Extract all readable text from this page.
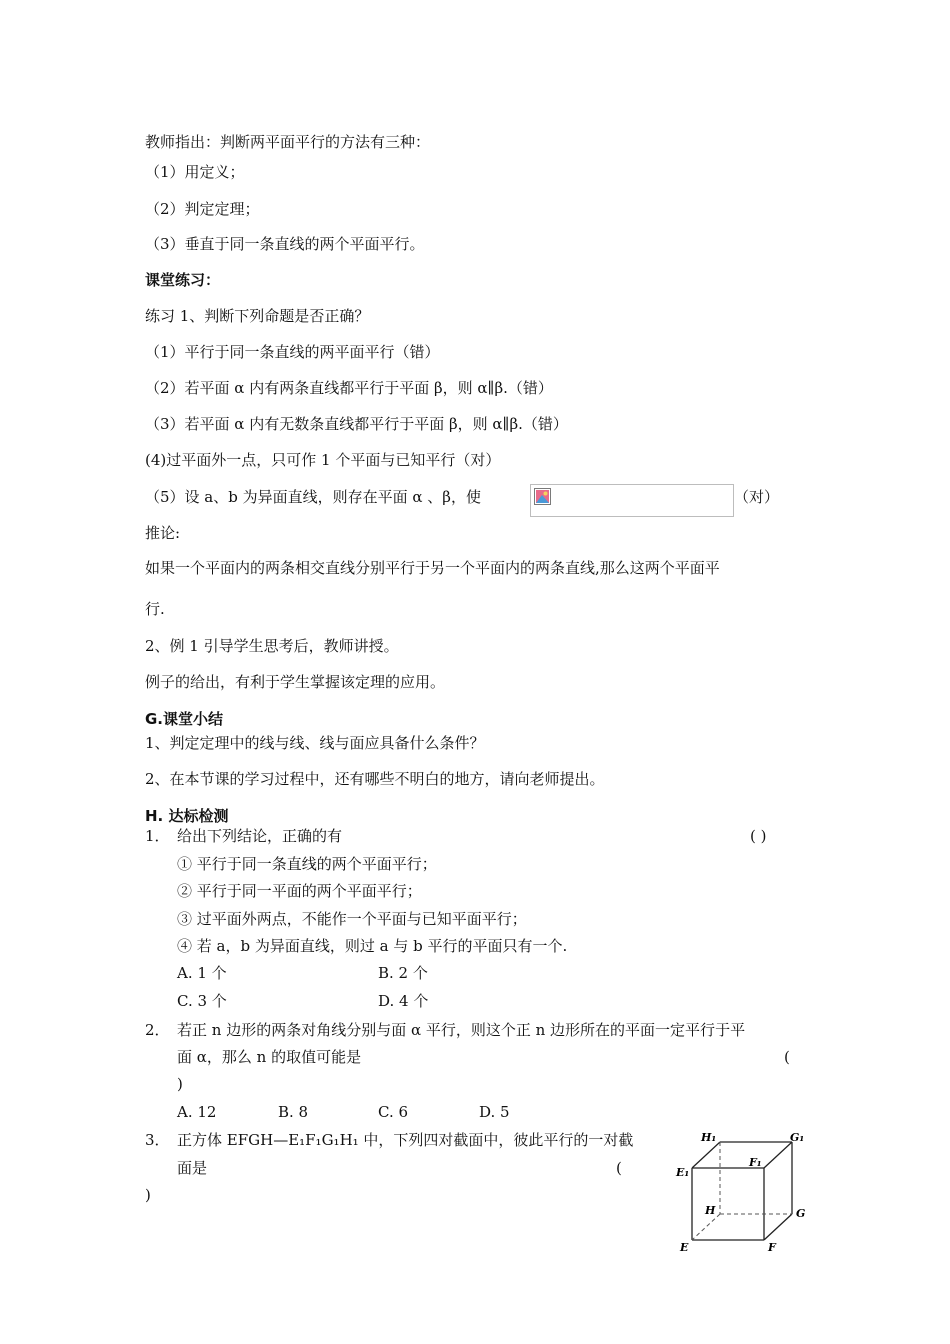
教师指出：判断两平面平行的方法有三种：
（1）用定义；
（2）判定定理；
（3）垂直于同一条直线的两个平面平行。
课堂练习：
练习 1、判断下列命题是否正确？
（1）平行于同一条直线的两平面平行（错）
（2）若平面 α 内有两条直线都平行于平面 β，则 α∥β.（错）
（3）若平面 α 内有无数条直线都平行于平面 β，则 α∥β.（错）
(4)过平面外一点，只可作 1 个平面与已知平行（对）
（5）设 a、b 为异面直线，则存在平面 α 、β，使	（对）
推论:
如果一个平面内的两条相交直线分别平行于另一个平面内的两条直线,那么这两个平面平
行.
2、例 1 引导学生思考后，教师讲授。
例子的给出，有利于学生掌握该定理的应用。
G.课堂小结
1、判定定理中的线与线、线与面应具备什么条件？
2、在本节课的学习过程中，还有哪些不明白的地方，请向老师提出。
H. 达标检测
1． 给出下列结论，正确的有	( )
① 平行于同一条直线的两个平面平行；
② 平行于同一平面的两个平面平行；
③ 过平面外两点，不能作一个平面与已知平面平行；
④ 若 a，b 为异面直线，则过 a 与 b 平行的平面只有一个.
A. 1 个	B. 2 个
C. 3 个	D. 4 个
2． 若正 n 边形的两条对角线分别与面 α 平行，则这个正 n 边形所在的平面一定平行于平
面 α，那么 n 的取值可能是	(
)
A. 12	B. 8	C. 6	D. 5
3． 正方体 EFGH—E₁F₁G₁H₁ 中，下列四对截面中，彼此平行的一对截
面是	(
)
H₁	G₁
E₁
F₁
H	G
E	F
